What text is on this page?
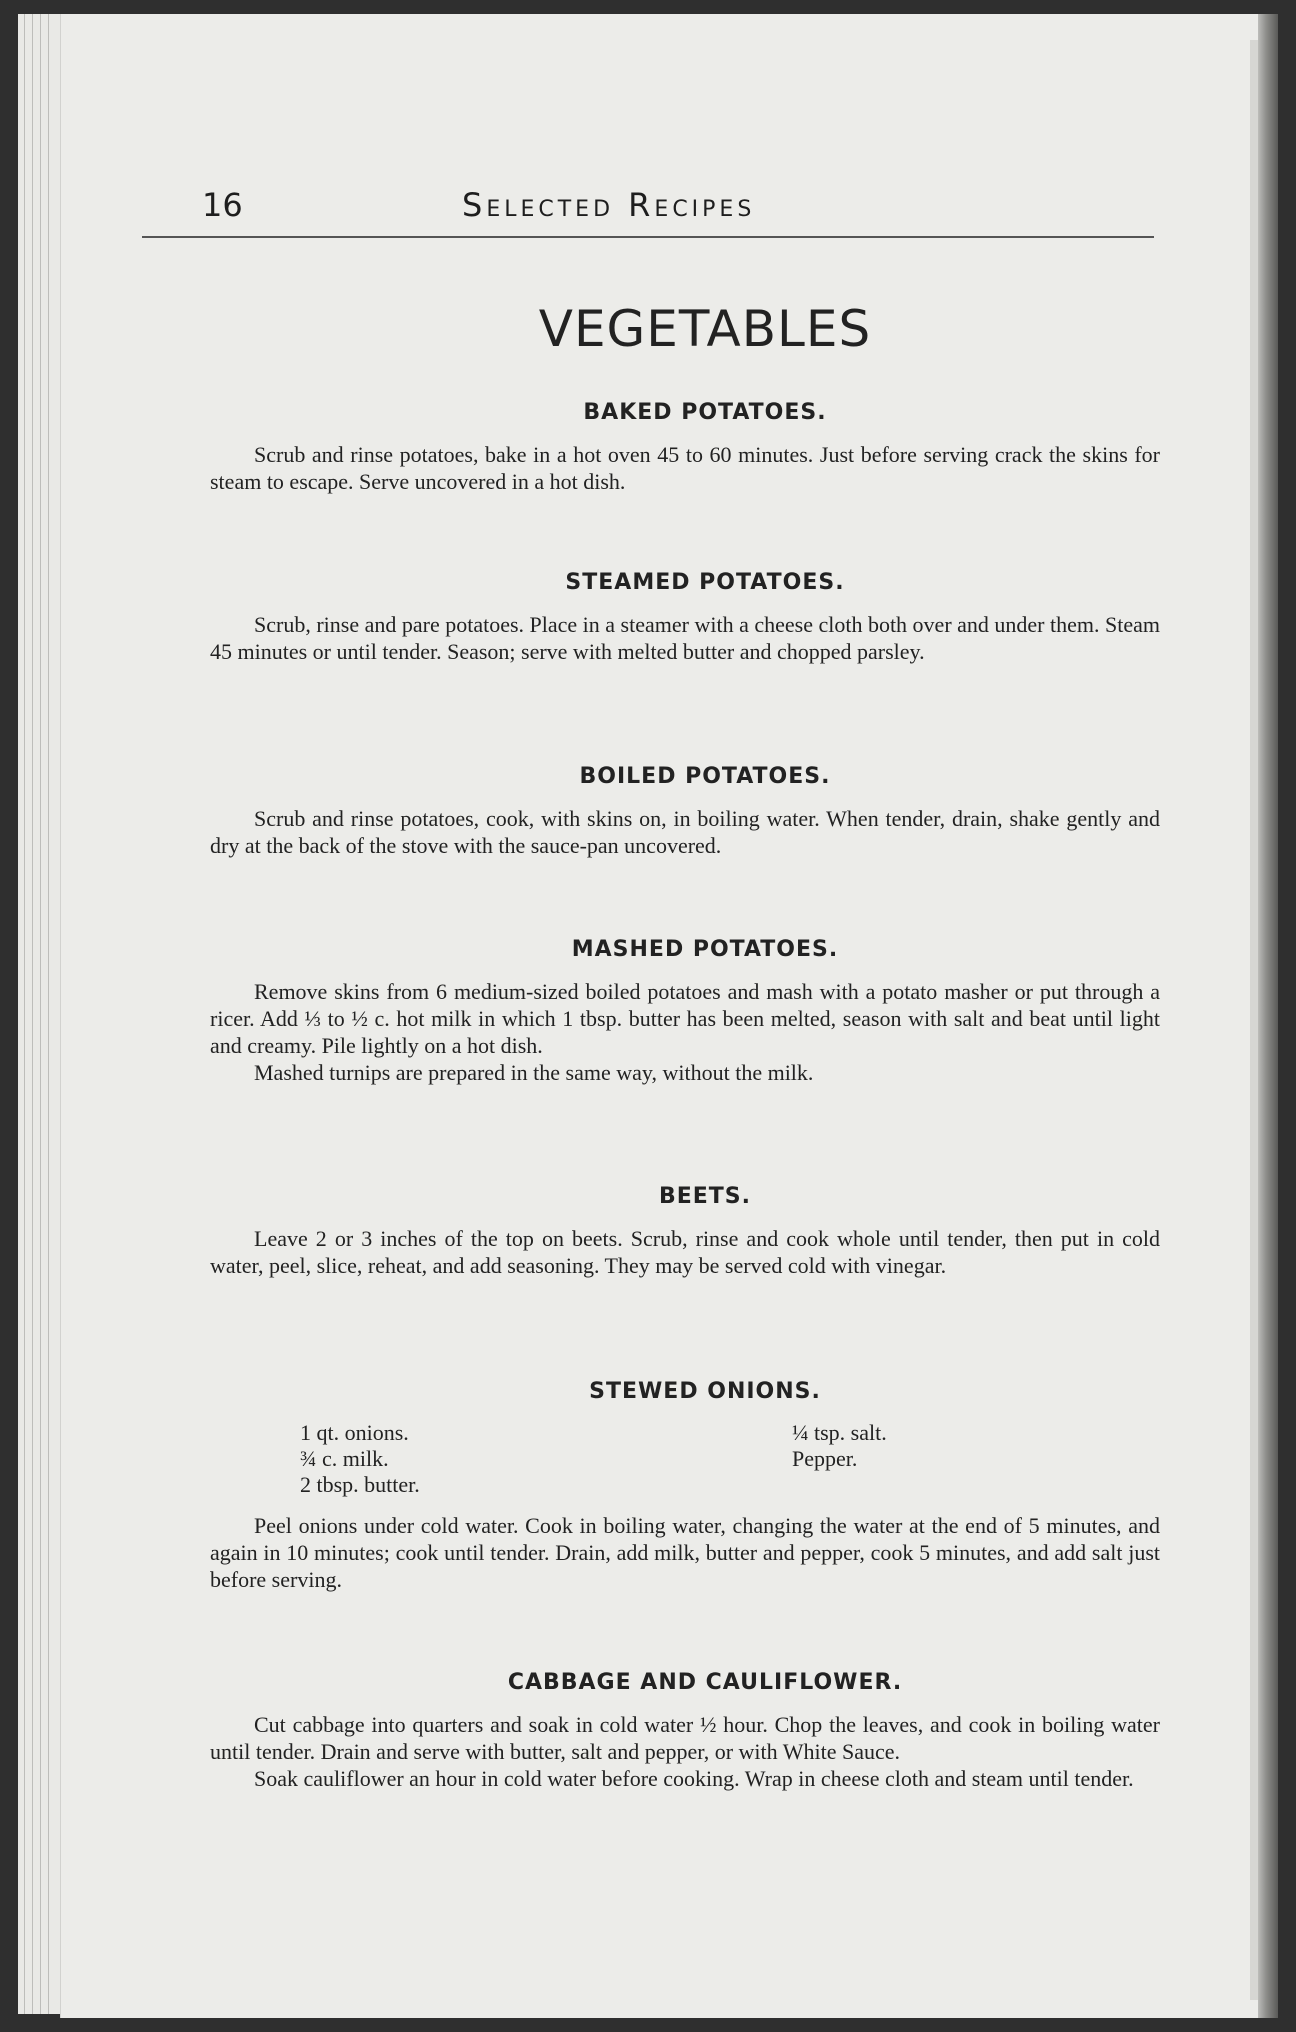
16	Selected Recipes
VEGETABLES
BAKED POTATOES.

Scrub and rinse potatoes, bake in a hot oven 45 to 60 minutes. Just before serving crack the skins for steam to escape. Serve uncovered in a hot dish.

STEAMED POTATOES.

Scrub, rinse and pare potatoes. Place in a steamer with a cheese cloth both over and under them. Steam 45 minutes or until tender. Season; serve with melted butter and chopped parsley.

BOILED POTATOES.

Scrub and rinse potatoes, cook, with skins on, in boiling water. When tender, drain, shake gently and dry at the back of the stove with the sauce-pan uncovered.

MASHED POTATOES.

Remove skins from 6 medium-sized boiled potatoes and mash with a potato masher or put through a ricer. Add ⅓ to ½ c. hot milk in which 1 tbsp. butter has been melted, season with salt and beat until light and creamy. Pile lightly on a hot dish.

Mashed turnips are prepared in the same way, without the milk.

BEETS.

Leave 2 or 3 inches of the top on beets. Scrub, rinse and cook whole until tender, then put in cold water, peel, slice, reheat, and add seasoning. They may be served cold with vinegar.

STEWED ONIONS.
1 qt. onions.
¾ c. milk.
2 tbsp. butter.
¼ tsp. salt.
Pepper.

Peel onions under cold water. Cook in boiling water, changing the water at the end of 5 minutes, and again in 10 minutes; cook until tender. Drain, add milk, butter and pepper, cook 5 minutes, and add salt just before serving.

CABBAGE AND CAULIFLOWER.

Cut cabbage into quarters and soak in cold water ½ hour. Chop the leaves, and cook in boiling water until tender. Drain and serve with butter, salt and pepper, or with White Sauce.

Soak cauliflower an hour in cold water before cooking. Wrap in cheese cloth and steam until tender.
